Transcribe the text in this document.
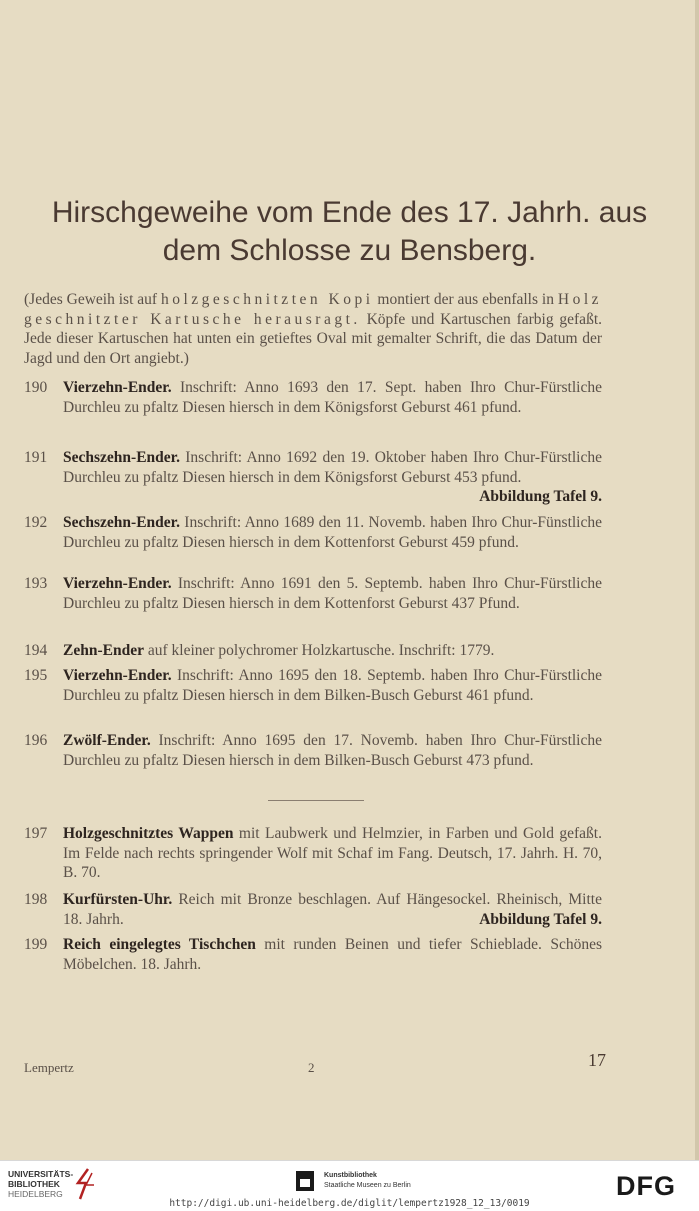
Hirschgeweihe vom Ende des 17. Jahrh. aus
dem Schlosse zu Bensberg.
(Jedes Geweih ist auf holzgeschnitzten Kopi montiert der aus ebenfalls in Holz geschnitzter Kartusche herausragt. Köpfe und Kartuschen farbig gefaßt. Jede dieser Kartuschen hat unten ein getieftes Oval mit gemalter Schrift, die das Datum der Jagd und den Ort angiebt.)
190	Vierzehn-Ender. Inschrift: Anno 1693 den 17. Sept. haben Ihro Chur-Fürstliche Durchleu zu pfaltz Diesen hiersch in dem Königsforst Geburst 461 pfund.
191	Sechszehn-Ender. Inschrift: Anno 1692 den 19. Oktober haben Ihro Chur-Fürstliche Durchleu zu pfaltz Diesen hiersch in dem Königsforst Geburst 453 pfund.
Abbildung Tafel 9.
192	Sechszehn-Ender. Inschrift: Anno 1689 den 11. Novemb. haben Ihro Chur-Fünstliche Durchleu zu pfaltz Diesen hiersch in dem Kottenforst Geburst 459 pfund.
193	Vierzehn-Ender. Inschrift: Anno 1691 den 5. Septemb. haben Ihro Chur-Fürstliche Durchleu zu pfaltz Diesen hiersch in dem Kottenforst Geburst 437 Pfund.
194	Zehn-Ender auf kleiner polychromer Holzkartusche. Inschrift: 1779.
195	Vierzehn-Ender. Inschrift: Anno 1695 den 18. Septemb. haben Ihro Chur-Fürstliche Durchleu zu pfaltz Diesen hiersch in dem Bilken-Busch Geburst 461 pfund.
196	Zwölf-Ender. Inschrift: Anno 1695 den 17. Novemb. haben Ihro Chur-Fürstliche Durchleu zu pfaltz Diesen hiersch in dem Bilken-Busch Geburst 473 pfund.
197	Holzgeschnitztes Wappen mit Laubwerk und Helmzier, in Farben und Gold gefaßt. Im Felde nach rechts springender Wolf mit Schaf im Fang. Deutsch, 17. Jahrh. H. 70, B. 70.
198	Kurfürsten-Uhr. Reich mit Bronze beschlagen. Auf Hängesockel. Rheinisch, Mitte 18. Jahrh.	Abbildung Tafel 9.
199	Reich eingelegtes Tischchen mit runden Beinen und tiefer Schieblade. Schönes Möbelchen. 18. Jahrh.
Lempertz	2	17
UNIVERSITÄTS-
BIBLIOTHEK
HEIDELBERG
Kunstbibliothek
Staatliche Museen zu Berlin	DFG
http://digi.ub.uni-heidelberg.de/diglit/lempertz1928_12_13/0019
